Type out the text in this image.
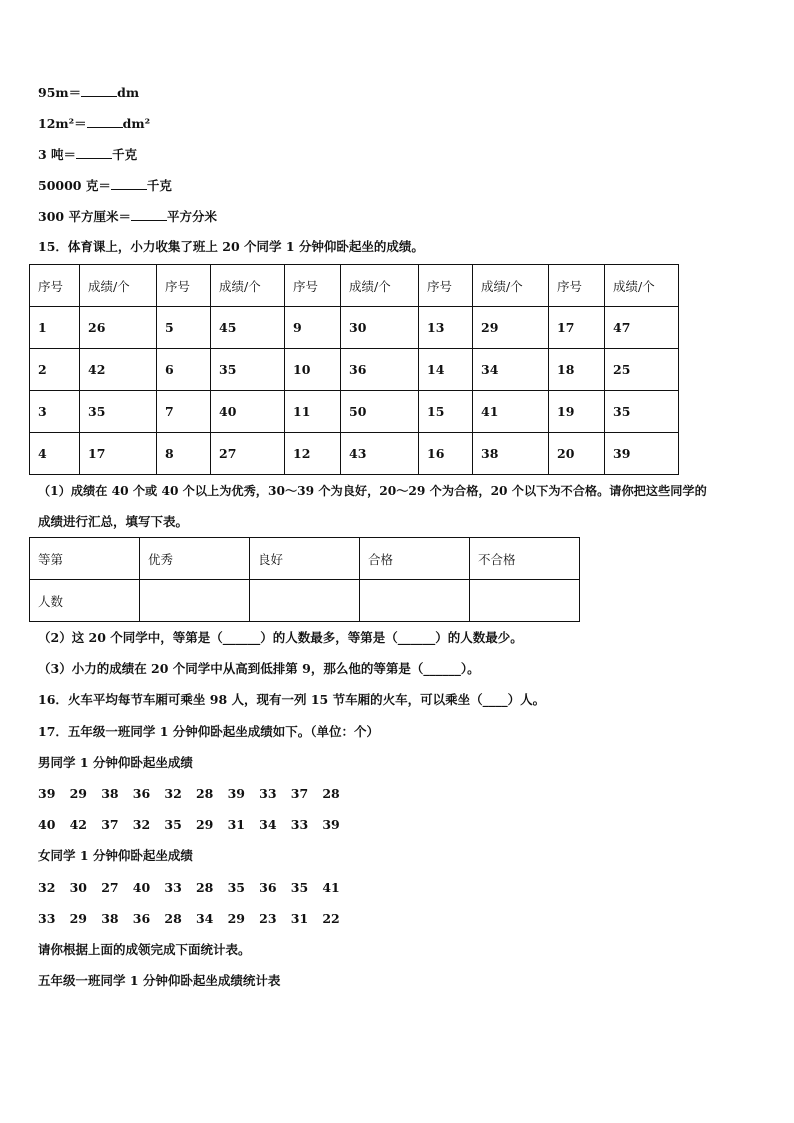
95m＝	dm
12m²＝	dm²
3 吨＝	千克
50000 克＝	千克
300 平方厘米＝	平方分米
15．体育课上，小力收集了班上 20 个同学 1 分钟仰卧起坐的成绩。
序号	成绩/个	序号	成绩/个	序号	成绩/个	序号	成绩/个	序号	成绩/个
1	26	5	45	9	30	13	29	17	47
2	42	6	35	10	36	14	34	18	25
3	35	7	40	11	50	15	41	19	35
4	17	8	27	12	43	16	38	20	39
（1）成绩在 40 个或 40 个以上为优秀，30～39 个为良好，20～29 个为合格，20 个以下为不合格。请你把这些同学的
成绩进行汇总，填写下表。
等第	优秀	良好	合格	不合格
人数				
（2）这 20 个同学中，等第是（______）的人数最多，等第是（______）的人数最少。
（3）小力的成绩在 20 个同学中从高到低排第 9，那么他的等第是（______）。
16．火车平均每节车厢可乘坐 98 人，现有一列 15 节车厢的火车，可以乘坐（____）人。
17．五年级一班同学 1 分钟仰卧起坐成绩如下。（单位：个）
男同学 1 分钟仰卧起坐成绩
39 29 38 36 32 28 39 33 37 28
40 42 37 32 35 29 31 34 33 39
女同学 1 分钟仰卧起坐成绩
32 30 27 40 33 28 35 36 35 41
33 29 38 36 28 34 29 23 31 22
请你根据上面的成领完成下面统计表。
五年级一班同学 1 分钟仰卧起坐成绩统计表
